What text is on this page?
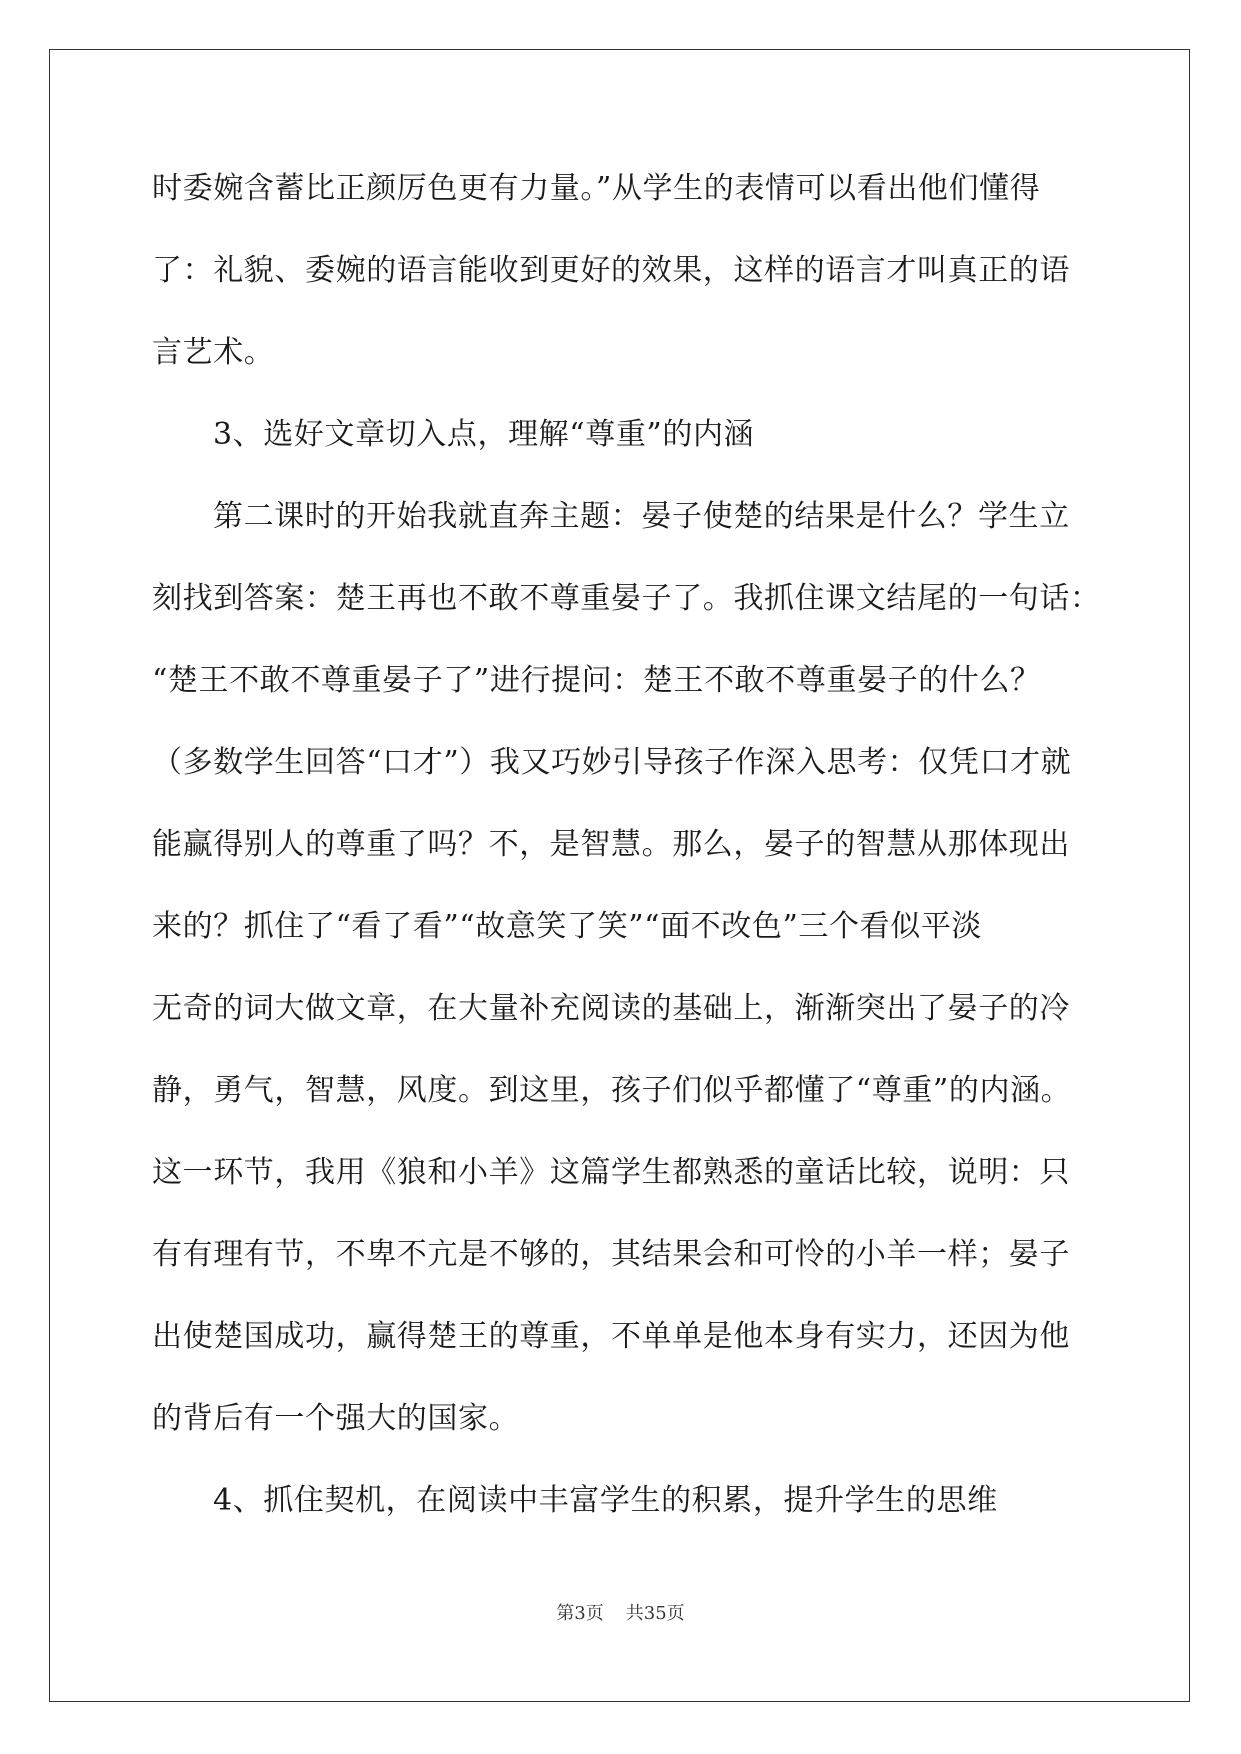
时委婉含蓄比正颜厉色更有力量。”从学生的表情可以看出他们懂得
了：礼貌、委婉的语言能收到更好的效果，这样的语言才叫真正的语
言艺术。
3、选好文章切入点，理解“尊重”的内涵
第二课时的开始我就直奔主题：晏子使楚的结果是什么？学生立
刻找到答案：楚王再也不敢不尊重晏子了。我抓住课文结尾的一句话：
“楚王不敢不尊重晏子了”进行提问：楚王不敢不尊重晏子的什么？
（多数学生回答“口才”）我又巧妙引导孩子作深入思考：仅凭口才就
能赢得别人的尊重了吗？不，是智慧。那么，晏子的智慧从那体现出
来的？抓住了“看了看”“故意笑了笑”“面不改色”三个看似平淡
无奇的词大做文章，在大量补充阅读的基础上，渐渐突出了晏子的冷
静，勇气，智慧，风度。到这里，孩子们似乎都懂了“尊重”的内涵。
这一环节，我用《狼和小羊》这篇学生都熟悉的童话比较，说明：只
有有理有节，不卑不亢是不够的，其结果会和可怜的小羊一样；晏子
出使楚国成功，赢得楚王的尊重，不单单是他本身有实力，还因为他
的背后有一个强大的国家。
4、抓住契机，在阅读中丰富学生的积累，提升学生的思维
第3页 共35页
